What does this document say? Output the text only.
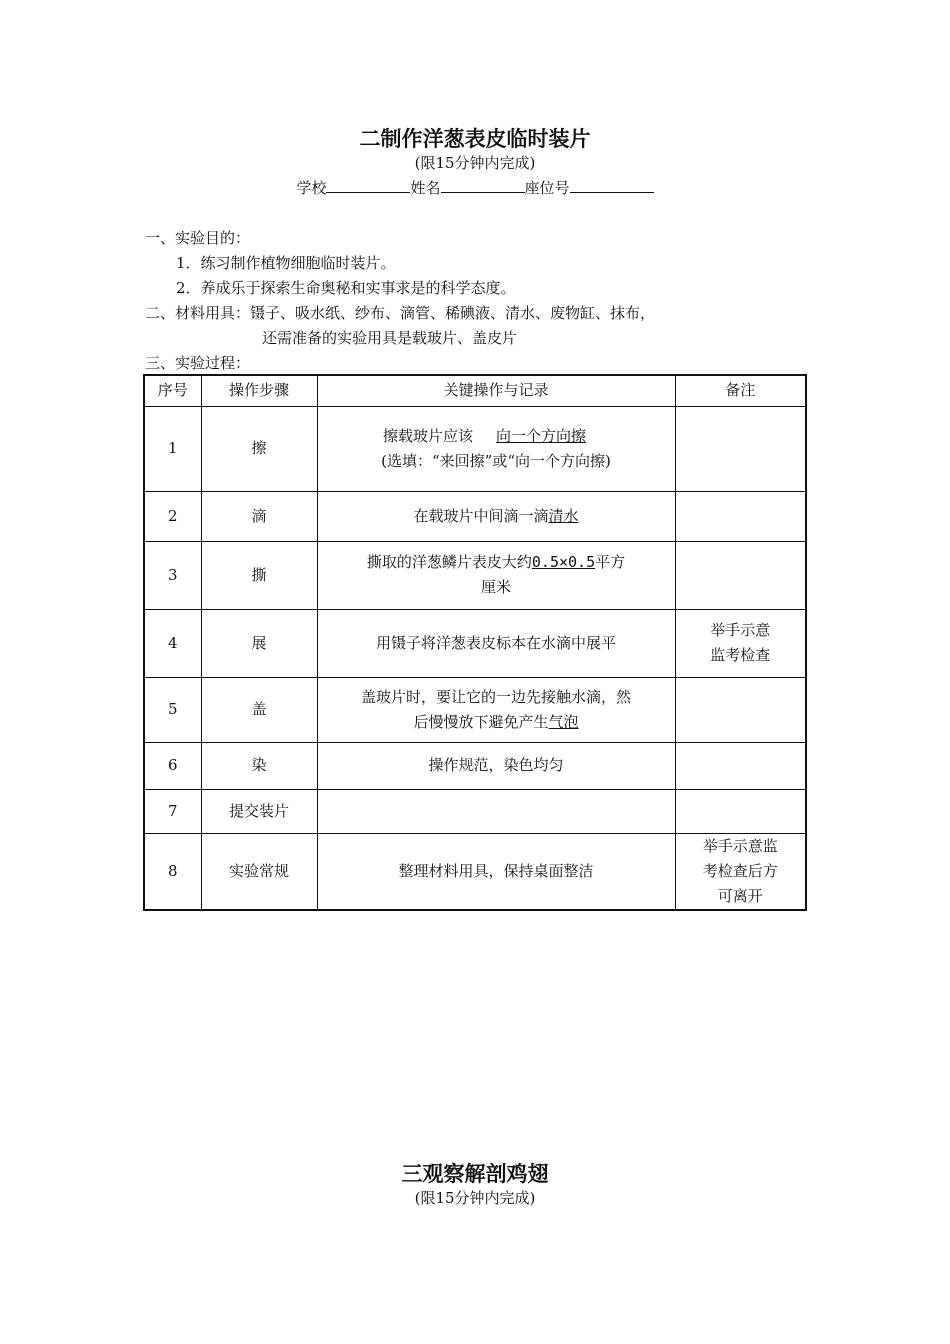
二制作洋葱表皮临时装片
(限15分钟内完成)
学校	姓名	座位号
一、实验目的：
1．练习制作植物细胞临时装片。
2．养成乐于探索生命奥秘和实事求是的科学态度。
二、材料用具：镊子、吸水纸、纱布、滴管、稀碘液、清水、废物缸、抹布，
还需准备的实验用具是载玻片、盖皮片
三、实验过程：
序号	操作步骤	关键操作与记录	备注
1	擦	擦载玻片应该 向一个方向擦
(选填：“来回擦”或“向一个方向擦)	
2	滴	在载玻片中间滴一滴清水	
3	撕	撕取的洋葱鳞片表皮大约0.5×0.5平方
厘米	
4	展	用镊子将洋葱表皮标本在水滴中展平	举手示意
监考检查
5	盖	盖玻片时，要让它的一边先接触水滴，然
后慢慢放下避免产生气泡	
6	染	操作规范，染色均匀	
7	提交装片		
8	实验常规	整理材料用具，保持桌面整洁	举手示意监
考检查后方
可离开
三观察解剖鸡翅
(限15分钟内完成)
